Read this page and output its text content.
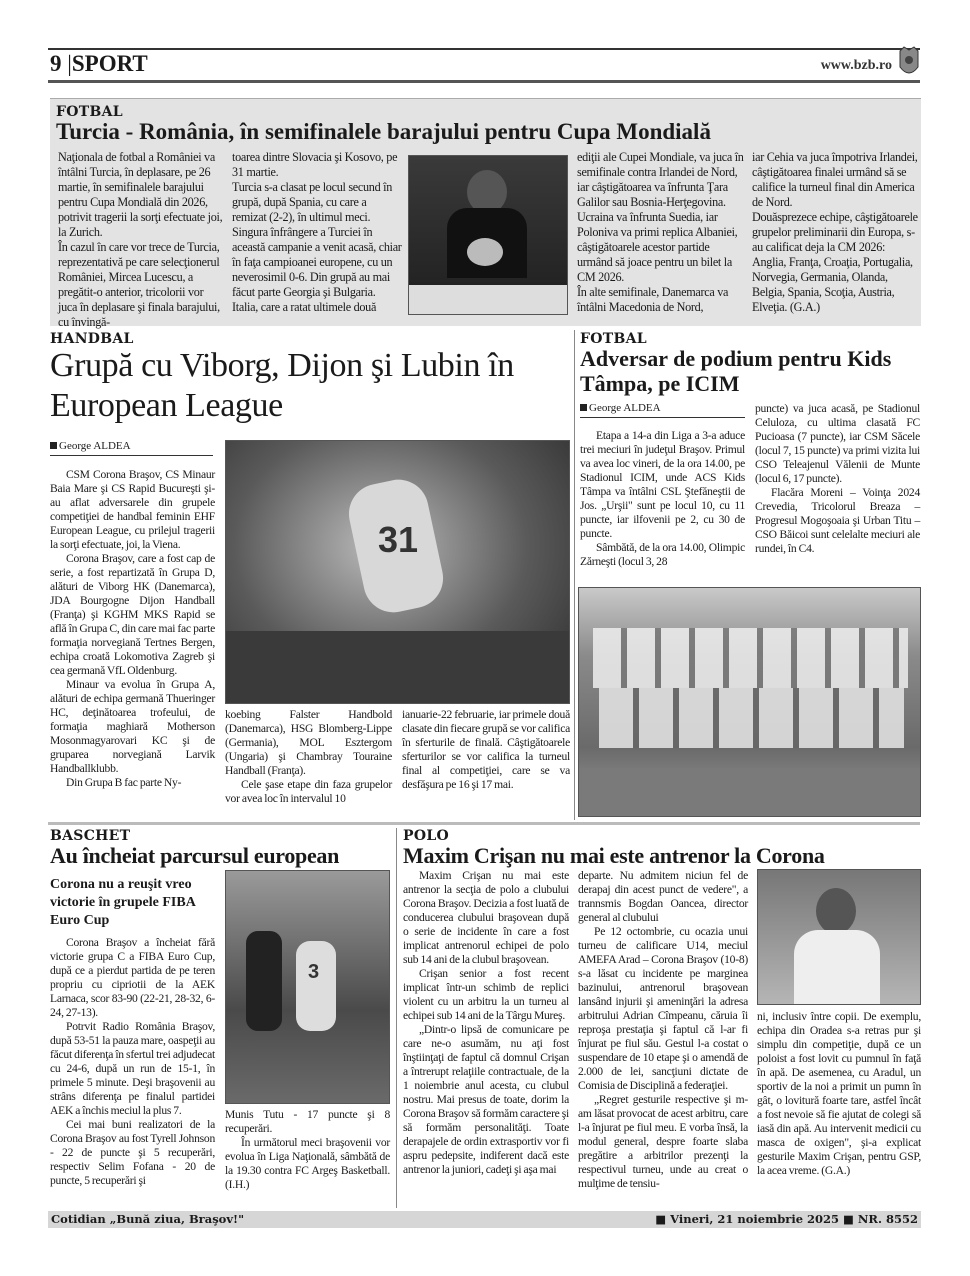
9 |SPORT	www.bzb.ro
FOTBAL
Turcia - România, în semifinalele barajului pentru Cupa Mondială

Naţionala de fotbal a României va întâlni Turcia, în deplasare, pe 26 martie, în semifinalele barajului pentru Cupa Mondială din 2026, potrivit tragerii la sorţi efectuate joi, la Zurich.

În cazul în care vor trece de Turcia, reprezentativă pe care selecţionerul României, Mircea Lucescu, a pregătit-o anterior, tricolorii vor juca în deplasare şi finala barajului, cu învingă-

toarea dintre Slovacia şi Kosovo, pe 31 martie.

Turcia s-a clasat pe locul secund în grupă, după Spania, cu care a remizat (2-2), în ultimul meci. Singura înfrângere a Turciei în această campanie a venit acasă, chiar în faţa campioanei europene, cu un neverosimil 0-6. Din grupă au mai făcut parte Georgia şi Bulgaria.

Italia, care a ratat ultimele două

ediţii ale Cupei Mondiale, va juca în semifinale contra Irlandei de Nord, iar câştigătoarea va înfrunta Ţara Galilor sau Bosnia-Herţegovina.

Ucraina va înfrunta Suedia, iar Poloniva va primi replica Albaniei, câştigătoarele acestor partide urmând să joace pentru un bilet la CM 2026.

În alte semifinale, Danemarca va întâlni Macedonia de Nord,

iar Cehia va juca împotriva Irlandei, câştigătoarea finalei urmând să se califice la turneul final din America de Nord.

Douăsprezece echipe, câştigătoarele grupelor preliminarii din Europa, s-au calificat deja la CM 2026: Anglia, Franţa, Croaţia, Portugalia, Norvegia, Germania, Olanda, Belgia, Spania, Scoţia, Austria, Elveţia. (G.A.)

HANDBAL
Grupă cu Viborg, Dijon şi Lubin în European League
George ALDEA

CSM Corona Braşov, CS Minaur Baia Mare şi CS Rapid Bucureşti şi-au aflat adversarele din grupele competiţiei de handbal feminin EHF European League, cu prilejul tragerii la sorţi efectuate, joi, la Viena.

Corona Braşov, care a fost cap de serie, a fost repartizată în Grupa D, alături de Viborg HK (Danemarca), JDA Bourgogne Dijon Handball (Franţa) şi KGHM MKS Rapid se află în Grupa C, din care mai fac parte formaţia norvegiană Tertnes Bergen, echipa croată Lokomotiva Zagreb şi cea germană VfL Oldenburg.

Minaur va evolua în Grupa A, alături de echipa germană Thueringer HC, deţinătoarea trofeului, de formaţia maghiară Motherson Mosonmagyarovari KC şi de gruparea norvegiană Larvik Handballklubb.

Din Grupa B fac parte Ny-

31

koebing Falster Handbold (Danemarca), HSG Blomberg-Lippe (Germania), MOL Esztergom (Ungaria) şi Chambray Touraine Handball (Franţa).

Cele şase etape din faza grupelor vor avea loc în intervalul 10

ianuarie-22 februarie, iar primele două clasate din fiecare grupă se vor califica în sferturile de finală. Câştigătoarele sferturilor se vor califica la turneul final al competiţiei, care se va desfăşura pe 16 şi 17 mai.

FOTBAL
Adversar de podium pentru Kids Tâmpa, pe ICIM
George ALDEA

Etapa a 14-a din Liga a 3-a aduce trei meciuri în judeţul Braşov. Primul va avea loc vineri, de la ora 14.00, pe Stadionul ICIM, unde ACS Kids Tâmpa va întâlni CSL Ştefăneştii de Jos. „Urşii" sunt pe locul 10, cu 11 puncte, iar ilfovenii pe 2, cu 30 de puncte.

Sâmbătă, de la ora 14.00, Olimpic Zărneşti (locul 3, 28

puncte) va juca acasă, pe Stadionul Celuloza, cu ultima clasată FC Pucioasa (7 puncte), iar CSM Săcele (locul 7, 15 puncte) va primi vizita lui CSO Teleajenul Vălenii de Munte (locul 6, 17 puncte).

Flacăra Moreni – Voinţa 2024 Crevedia, Tricolorul Breaza – Progresul Mogoşoaia şi Urban Titu – CSO Băicoi sunt celelalte meciuri ale rundei, în C4.

BASCHET
Au încheiat parcursul european
Corona nu a reuşit vreo victorie în grupele FIBA Euro Cup

Corona Braşov a încheiat fără victorie grupa C a FIBA Euro Cup, după ce a pierdut partida de pe teren propriu cu cipriotii de la AEK Larnaca, scor 83-90 (22-21, 28-32, 6-24, 27-13).

Potrvit Radio România Braşov, după 53-51 la pauza mare, oaspeţii au făcut diferenţa în sfertul trei adjudecat cu 24-6, după un run de 15-1, în primele 5 minute. Deşi braşovenii au strâns diferenţa pe finalul partidei AEK a închis meciul la plus 7.

Cei mai buni realizatori de la Corona Braşov au fost Tyrell Johnson - 22 de puncte şi 5 recuperări, respectiv Selim Fofana - 20 de puncte, 5 recuperări şi

3

Munis Tutu - 17 puncte şi 8 recuperări.

În următorul meci braşovenii vor evolua în Liga Naţională, sâmbătă de la 19.30 contra FC Argeş Basketball. (I.H.)

POLO
Maxim Crişan nu mai este antrenor la Corona

Maxim Crişan nu mai este antrenor la secţia de polo a clubului Corona Braşov. Decizia a fost luată de conducerea clubului braşovean după o serie de incidente în care a fost implicat antrenorul echipei de polo sub 14 ani de la clubul braşovean.

Crişan senior a fost recent implicat într-un schimb de replici violent cu un arbitru la un turneu al echipei sub 14 ani de la Târgu Mureş.

„Dintr-o lipsă de comunicare pe care ne-o asumăm, nu aţi fost înştiinţaţi de faptul că domnul Crişan a întrerupt relaţiile contractuale, de la 1 noiembrie anul acesta, cu clubul nostru. Mai presus de toate, dorim la Corona Braşov să formăm caractere şi să formăm personalităţi. Toate derapajele de ordin extrasportiv vor fi aspru pedepsite, indiferent dacă este antrenor la juniori, cadeţi şi aşa mai

departe. Nu admitem niciun fel de derapaj din acest punct de vedere", a trannsmis Bogdan Oancea, director general al clubului

Pe 12 octombrie, cu ocazia unui turneu de calificare U14, meciul AMEFA Arad – Corona Braşov (10-8) s-a lăsat cu incidente pe marginea bazinului, antrenorul braşovean lansând injurii şi ameninţări la adresa arbitrului Adrian Cîmpeanu, căruia îi reproşa prestaţia şi faptul că l-ar fi înjurat pe fiul său. Gestul l-a costat o suspendare de 10 etape şi o amendă de 2.000 de lei, sancţiuni dictate de Comisia de Disciplină a federaţiei.

„Regret gesturile respective şi m-am lăsat provocat de acest arbitru, care l-a înjurat pe fiul meu. E vorba însă, la modul general, despre foarte slaba pregătire a arbitrilor prezenţi la respectivul turneu, unde au creat o mulţime de tensiu-

ni, inclusiv între copii. De exemplu, echipa din Oradea s-a retras pur şi simplu din competiţie, după ce un poloist a fost lovit cu pumnul în faţă în apă. De asemenea, cu Aradul, un sportiv de la noi a primit un pumn în gât, o lovitură foarte tare, astfel încât a fost nevoie să fie ajutat de colegi să iasă din apă. Au intervenit medicii cu masca de oxigen", şi-a explicat gesturile Maxim Crişan, pentru GSP, la acea vreme. (G.A.)

Cotidian „Bună ziua, Braşov!"	■ Vineri, 21 noiembrie 2025 ■ NR. 8552
